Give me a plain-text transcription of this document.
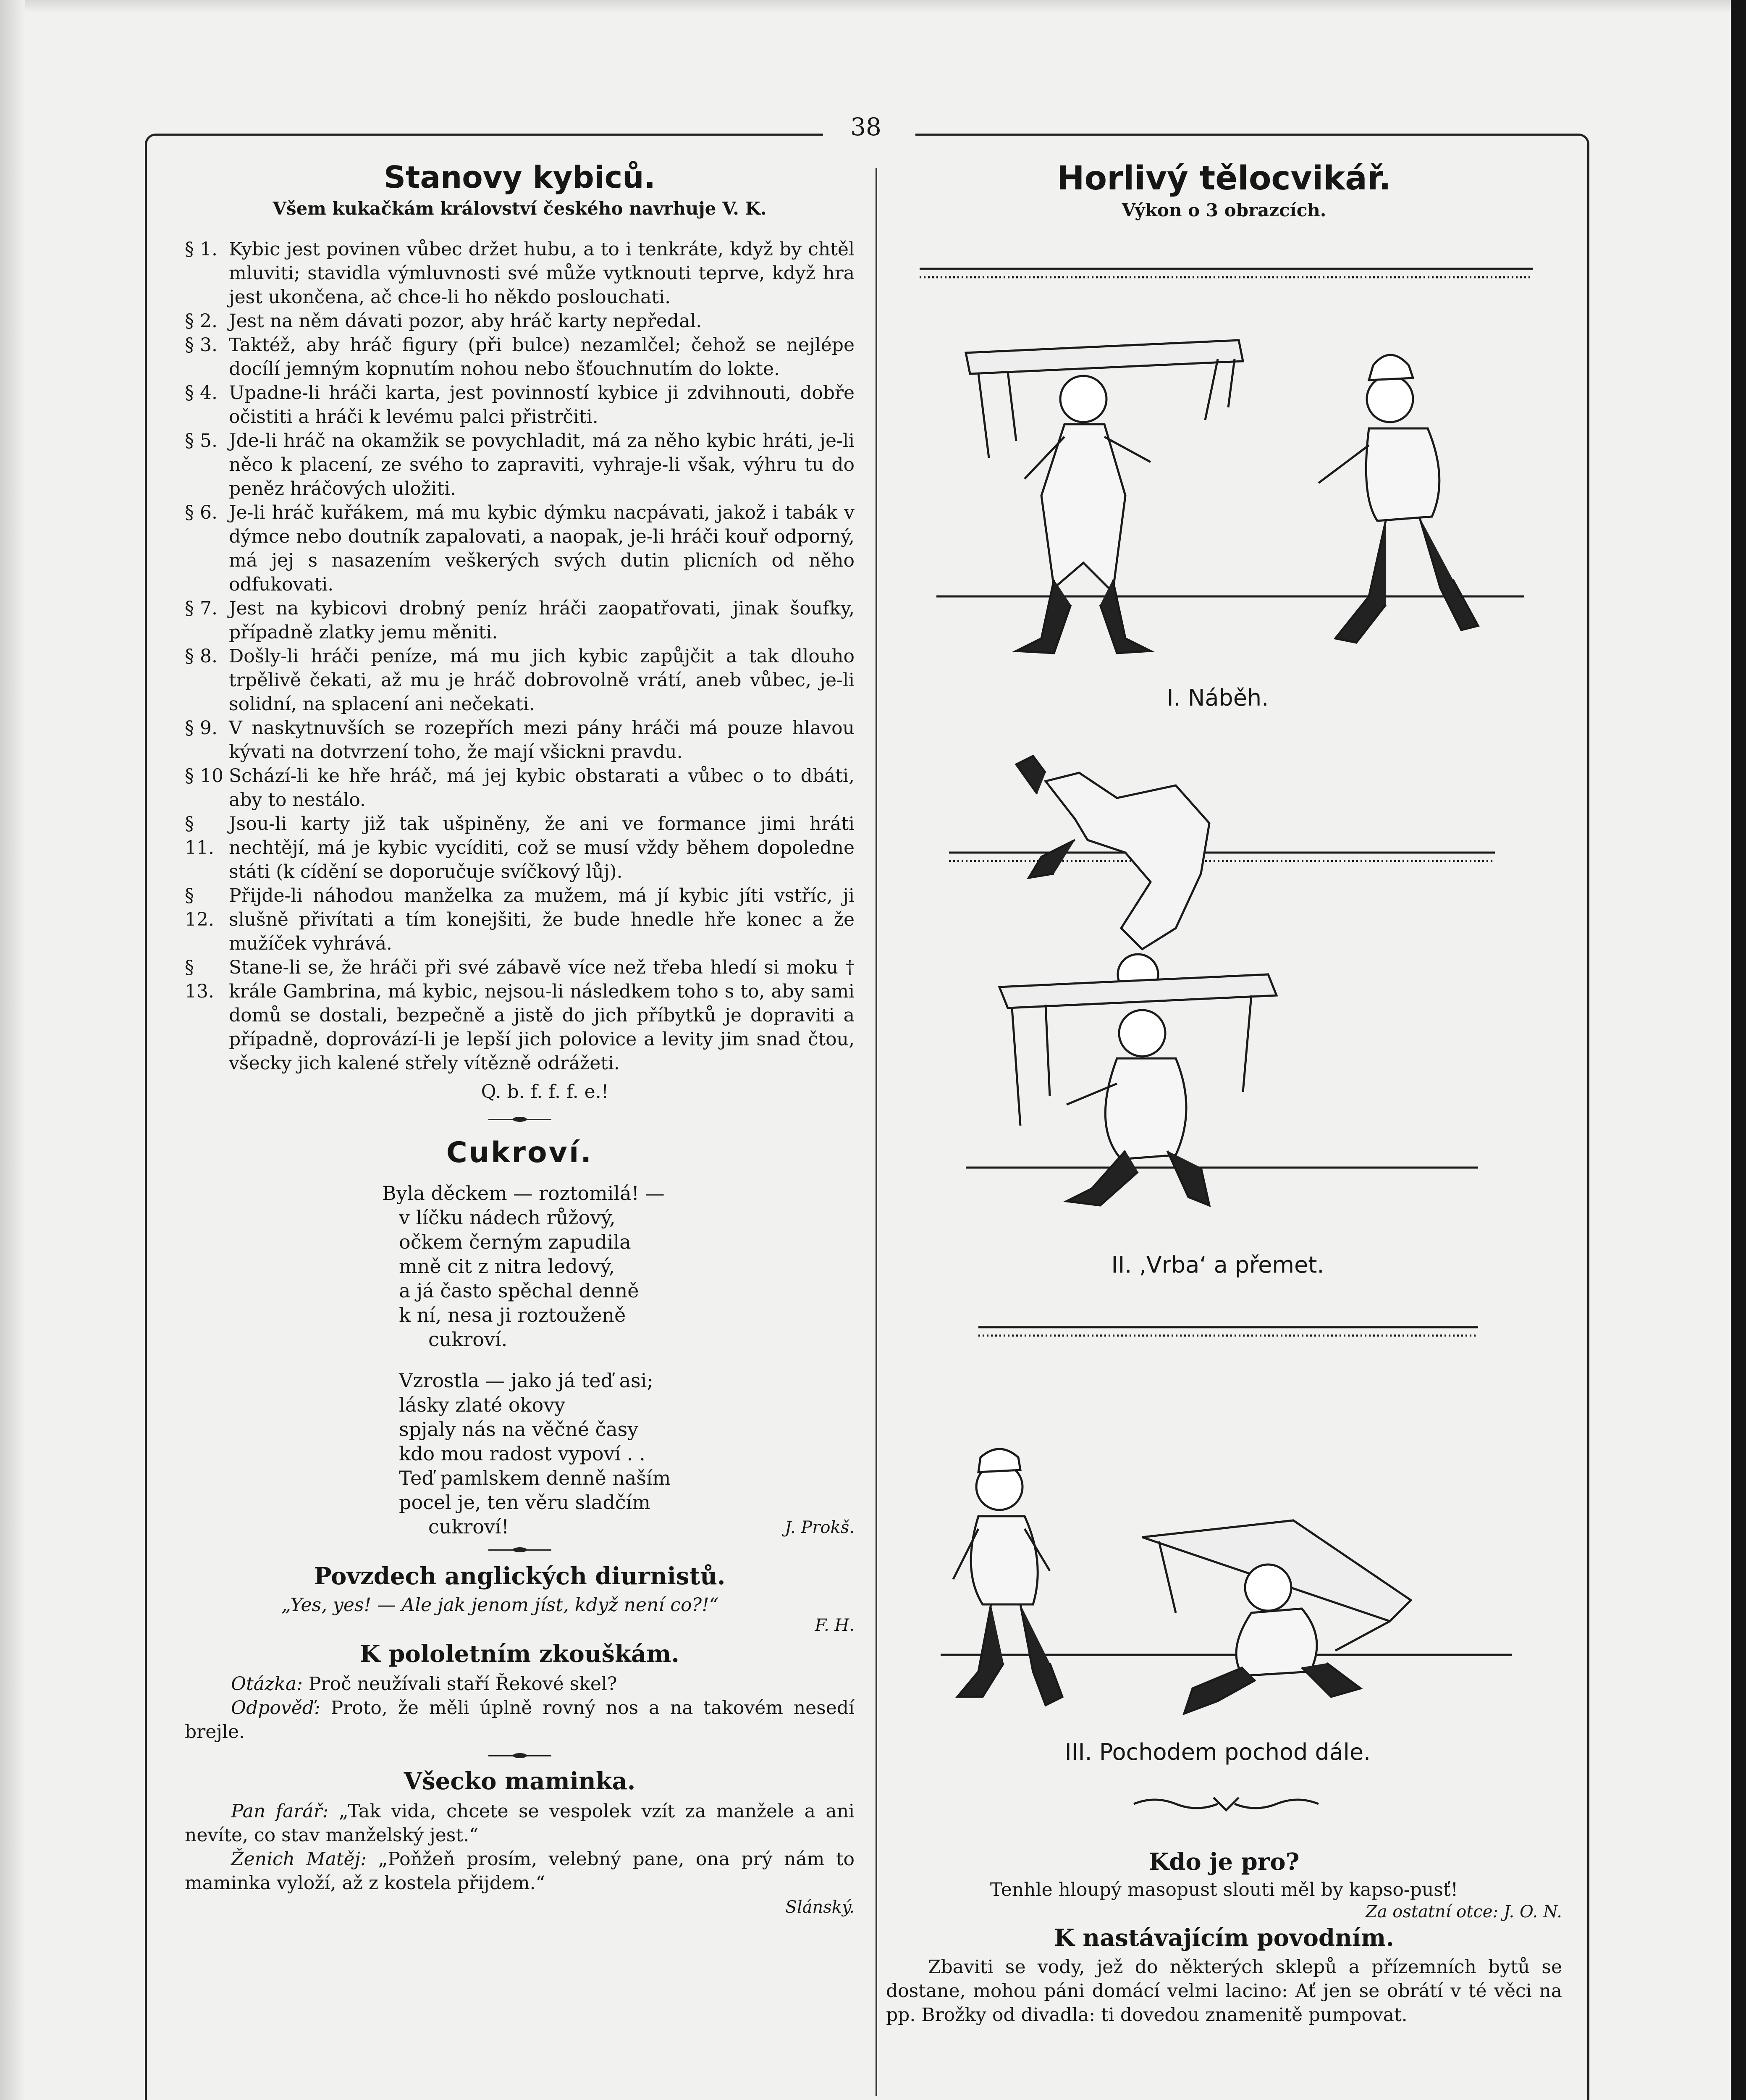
38
Stanovy kybiců.
Všem kukačkám království českého navrhuje V. K.

§ 1. Kybic jest povinen vůbec držet hubu, a to i tenkráte, když by chtěl mluviti; stavidla výmluvnosti své může vytknouti teprve, když hra jest ukončena, ač chce-li ho někdo poslouchati.

§ 2. Jest na něm dávati pozor, aby hráč karty nepředal.

§ 3. Taktéž, aby hráč figury (při bulce) nezamlčel; čehož se nejlépe docílí jemným kopnutím nohou nebo šťouchnutím do lokte.

§ 4. Upadne-li hráči karta, jest povinností kybice ji zdvihnouti, dobře očistiti a hráči k levému palci přistrčiti.

§ 5. Jde-li hráč na okamžik se povychladit, má za něho kybic hráti, je-li něco k placení, ze svého to zapraviti, vyhraje-li však, výhru tu do peněz hráčových uložiti.

§ 6. Je-li hráč kuřákem, má mu kybic dýmku nacpávati, jakož i tabák v dýmce nebo doutník zapalovati, a naopak, je-li hráči kouř odporný, má jej s nasazením veškerých svých dutin plicních od něho odfukovati.

§ 7. Jest na kybicovi drobný peníz hráči zaopatřovati, jinak šoufky, případně zlatky jemu měniti.

§ 8. Došly-li hráči peníze, má mu jich kybic zapůjčit a tak dlouho trpělivě čekati, až mu je hráč dobrovolně vrátí, aneb vůbec, je-li solidní, na splacení ani nečekati.

§ 9. V naskytnuvších se rozepřích mezi pány hráči má pouze hlavou kývati na dotvrzení toho, že mají všickni pravdu.

§ 10 Schází-li ke hře hráč, má jej kybic obstarati a vůbec o to dbáti, aby to nestálo.

§ 11.
Jsou-li karty již tak ušpiněny, že ani ve formance jimi hráti nechtějí, má je kybic vycíditi, což se musí vždy během dopoledne státi (k cídění se doporučuje svíčkový lůj).

§ 12.
Přijde-li náhodou manželka za mužem, má jí kybic jíti vstříc, ji slušně přivítati a tím konejšiti, že bude hnedle hře konec a že mužíček vyhrává.

§ 13.
Stane-li se, že hráči při své zábavě více než třeba hledí si moku † krále Gambrina, má kybic, nejsou-li následkem toho s to, aby sami domů se dostali, bezpečně a jistě do jich příbytků je dopraviti a případně, doprovází-li je lepší jich polovice a levity jim snad čtou, všecky jich kalené střely vítězně odrážeti.

Q. b. f. f. f. e.!
Cukroví.
Byla děckem — roztomilá! —
v líčku nádech růžový,
očkem černým zapudila
mně cit z nitra ledový,
a já často spěchal denně
k ní, nesa ji roztouženě
cukroví.
Vzrostla — jako já teď asi;
lásky zlaté okovy
spjaly nás na věčné časy
kdo mou radost vypoví . .
Teď pamlskem denně naším
pocel je, ten věru sladčím
cukroví!	J. Prokš.
Povzdech anglických diurnistů.
„Yes, yes! — Ale jak jenom jíst, když není co?!“
F. H.
K pololetním zkouškám.
Otázka: Proč neužívali staří Řekové skel?
Odpověď: Proto, že měli úplně rovný nos a na takovém nesedí brejle.
Všecko maminka.
Pan farář: „Tak vida, chcete se vespolek vzít za manžele a ani nevíte, co stav manželský jest.“
Ženich Matěj: „Poňžeň prosím, velebný pane, ona prý nám to maminka vyloží, až z kostela přijdem.“
Slánský.
Horlivý tělocvikář.
Výkon o 3 obrazcích.
I. Náběh.
II. ‚Vrba‘ a přemet.
III. Pochodem pochod dále.
Kdo je pro?
Tenhle hloupý masopust slouti měl by kapso-pusť!
Za ostatní otce: J. O. N.
K nastávajícím povodním.
Zbaviti se vody, jež do některých sklepů a přízemních bytů se dostane, mohou páni domácí velmi lacino: Ať jen se obrátí v té věci na pp. Brožky od divadla: ti dovedou znamenitě pumpovat.
